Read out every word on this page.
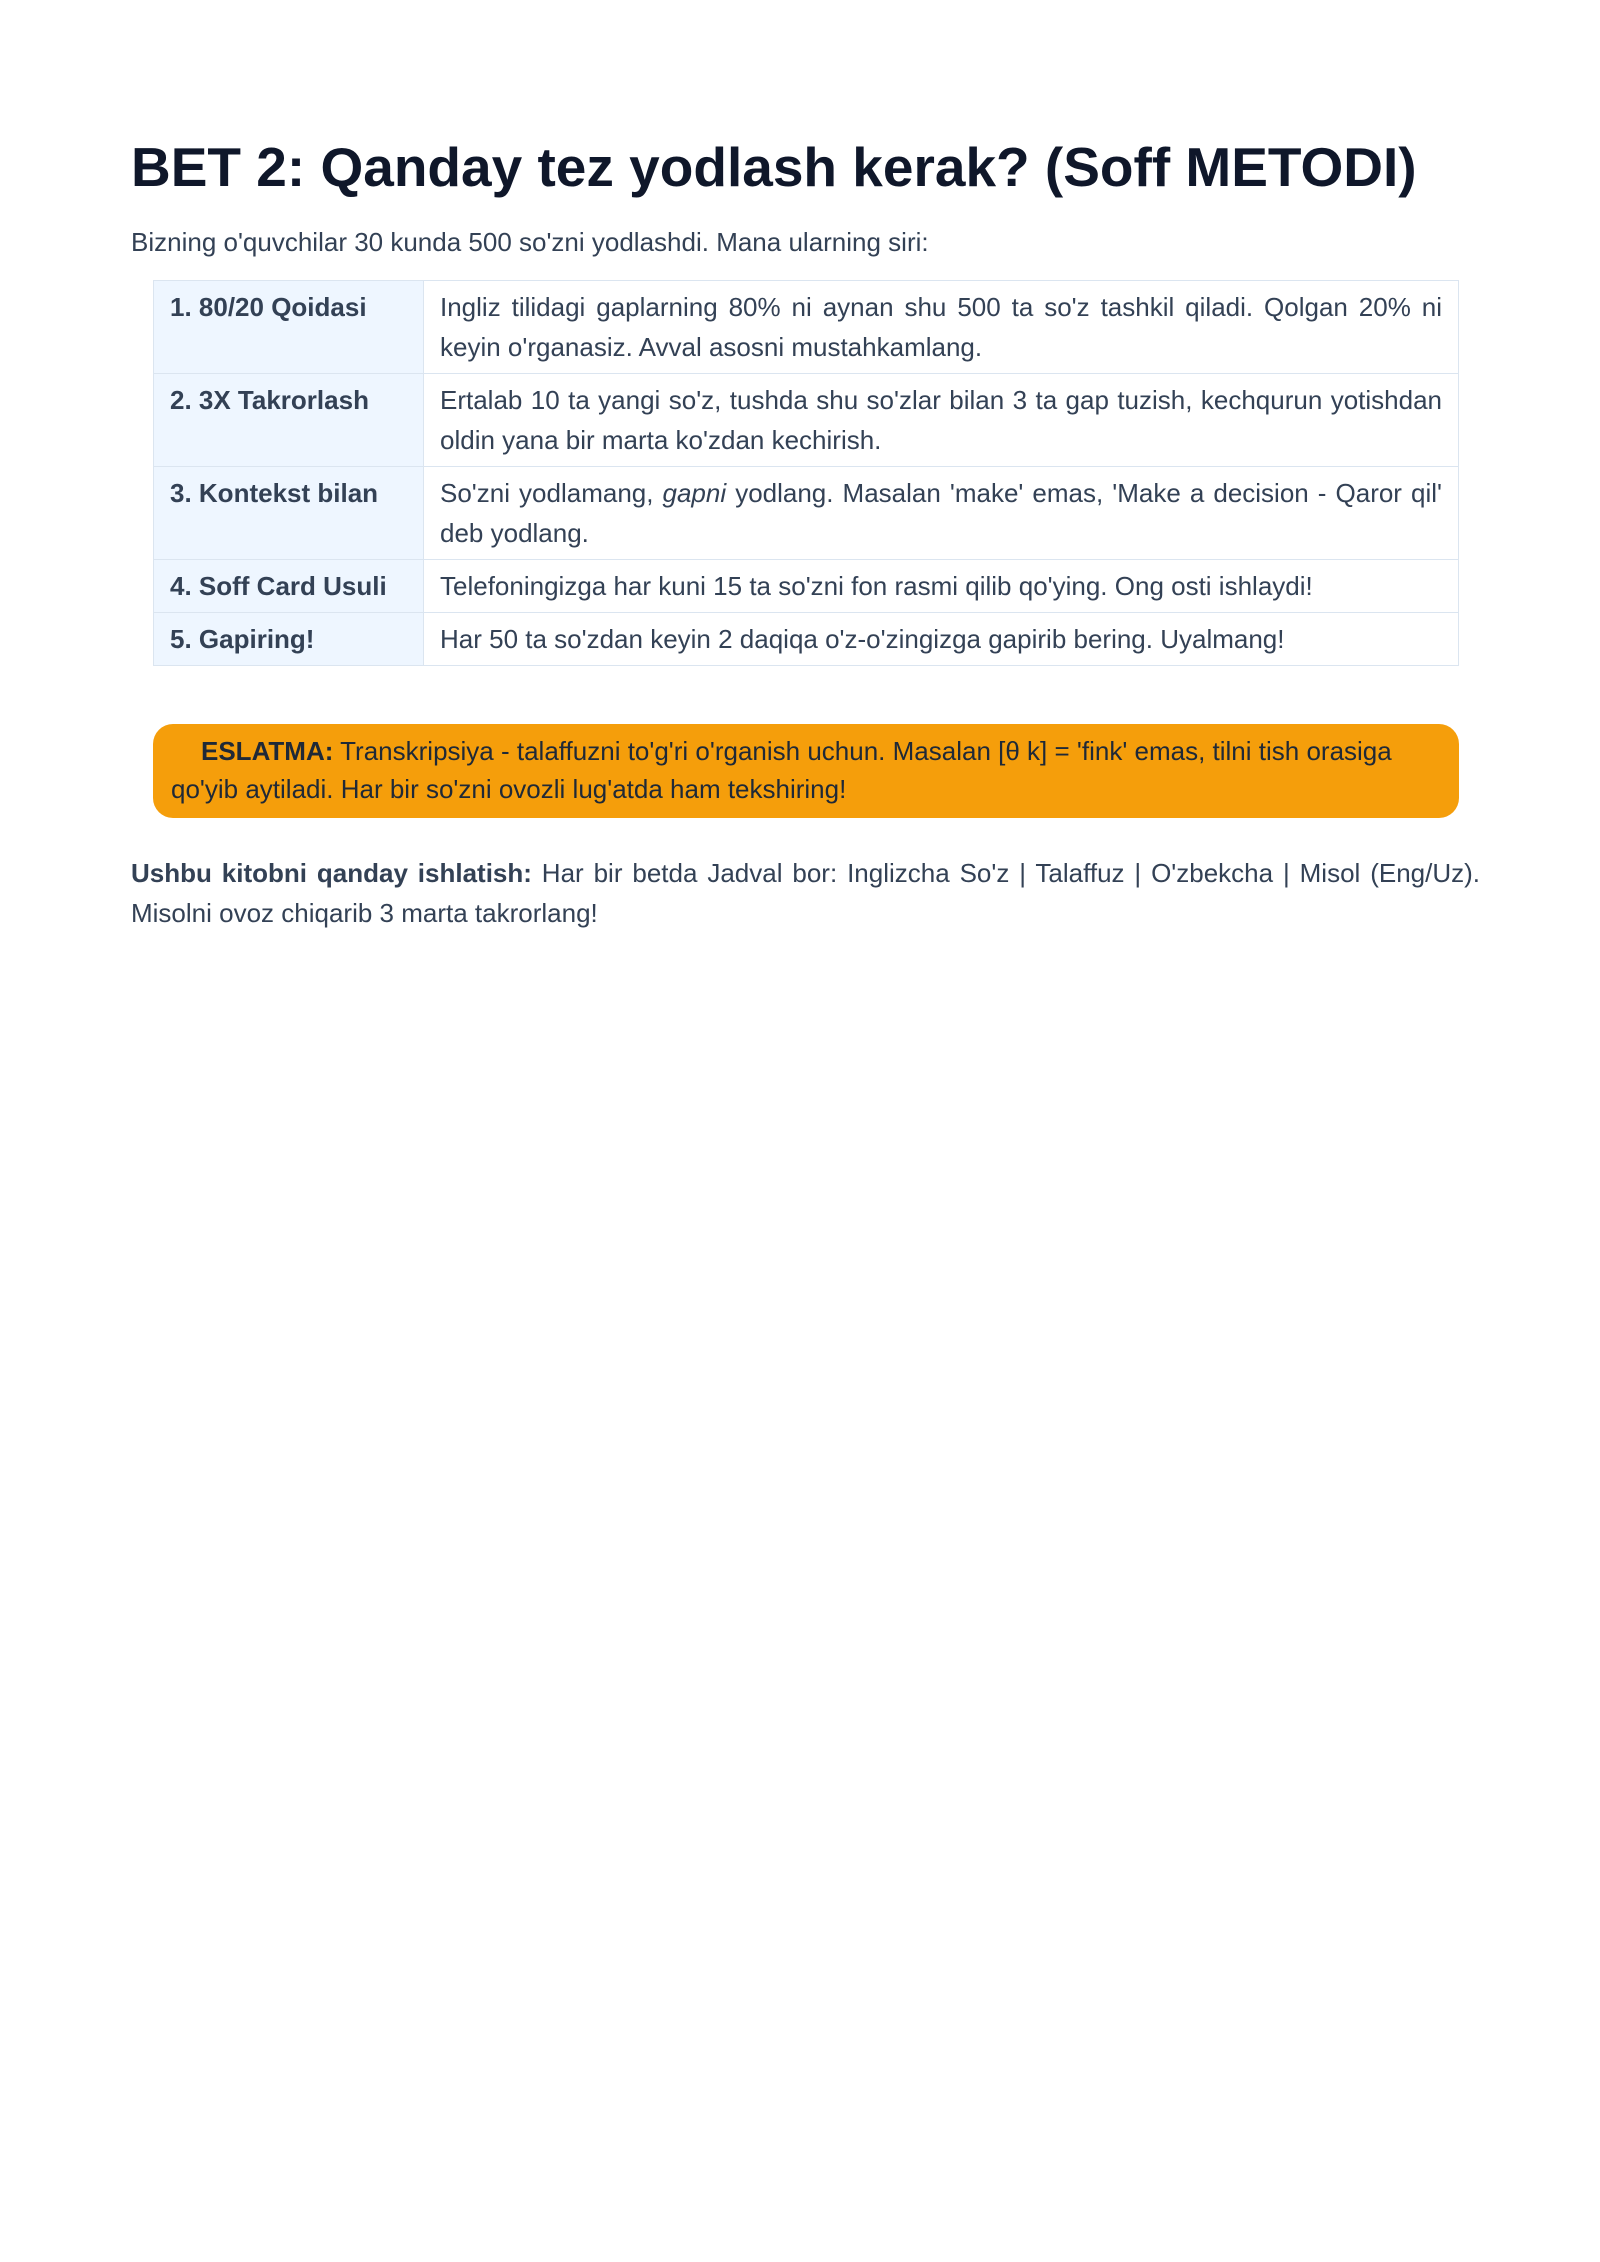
BET 2: Qanday tez yodlash kerak? (Soff METODI)

Bizning o'quvchilar 30 kunda 500 so'zni yodlashdi. Mana ularning siri:

1. 80/20 Qoidasi	Ingliz tilidagi gaplarning 80% ni aynan shu 500 ta so'z tashkil qiladi. Qolgan 20% ni keyin o'rganasiz. Avval asosni mustahkamlang.
2. 3X Takrorlash	Ertalab 10 ta yangi so'z, tushda shu so'zlar bilan 3 ta gap tuzish, kechqurun yotishdan oldin yana bir marta ko'zdan kechirish.
3. Kontekst bilan	So'zni yodlamang, gapni yodlang. Masalan 'make' emas, 'Make a decision - Qaror qil' deb yodlang.
4. Soff Card Usuli	Telefoningizga har kuni 15 ta so'zni fon rasmi qilib qo'ying. Ong osti ishlaydi!
5. Gapiring!	Har 50 ta so'zdan keyin 2 daqiqa o'z-o'zingizga gapirib bering. Uyalmang!
ESLATMA: Transkripsiya - talaffuzni to'g'ri o'rganish uchun. Masalan [θ k] = 'fink' emas, tilni tish orasiga qo'yib aytiladi. Har bir so'zni ovozli lug'atda ham tekshiring!

Ushbu kitobni qanday ishlatish: Har bir betda Jadval bor: Inglizcha So'z | Talaffuz | O'zbekcha | Misol (Eng/Uz). Misolni ovoz chiqarib 3 marta takrorlang!
